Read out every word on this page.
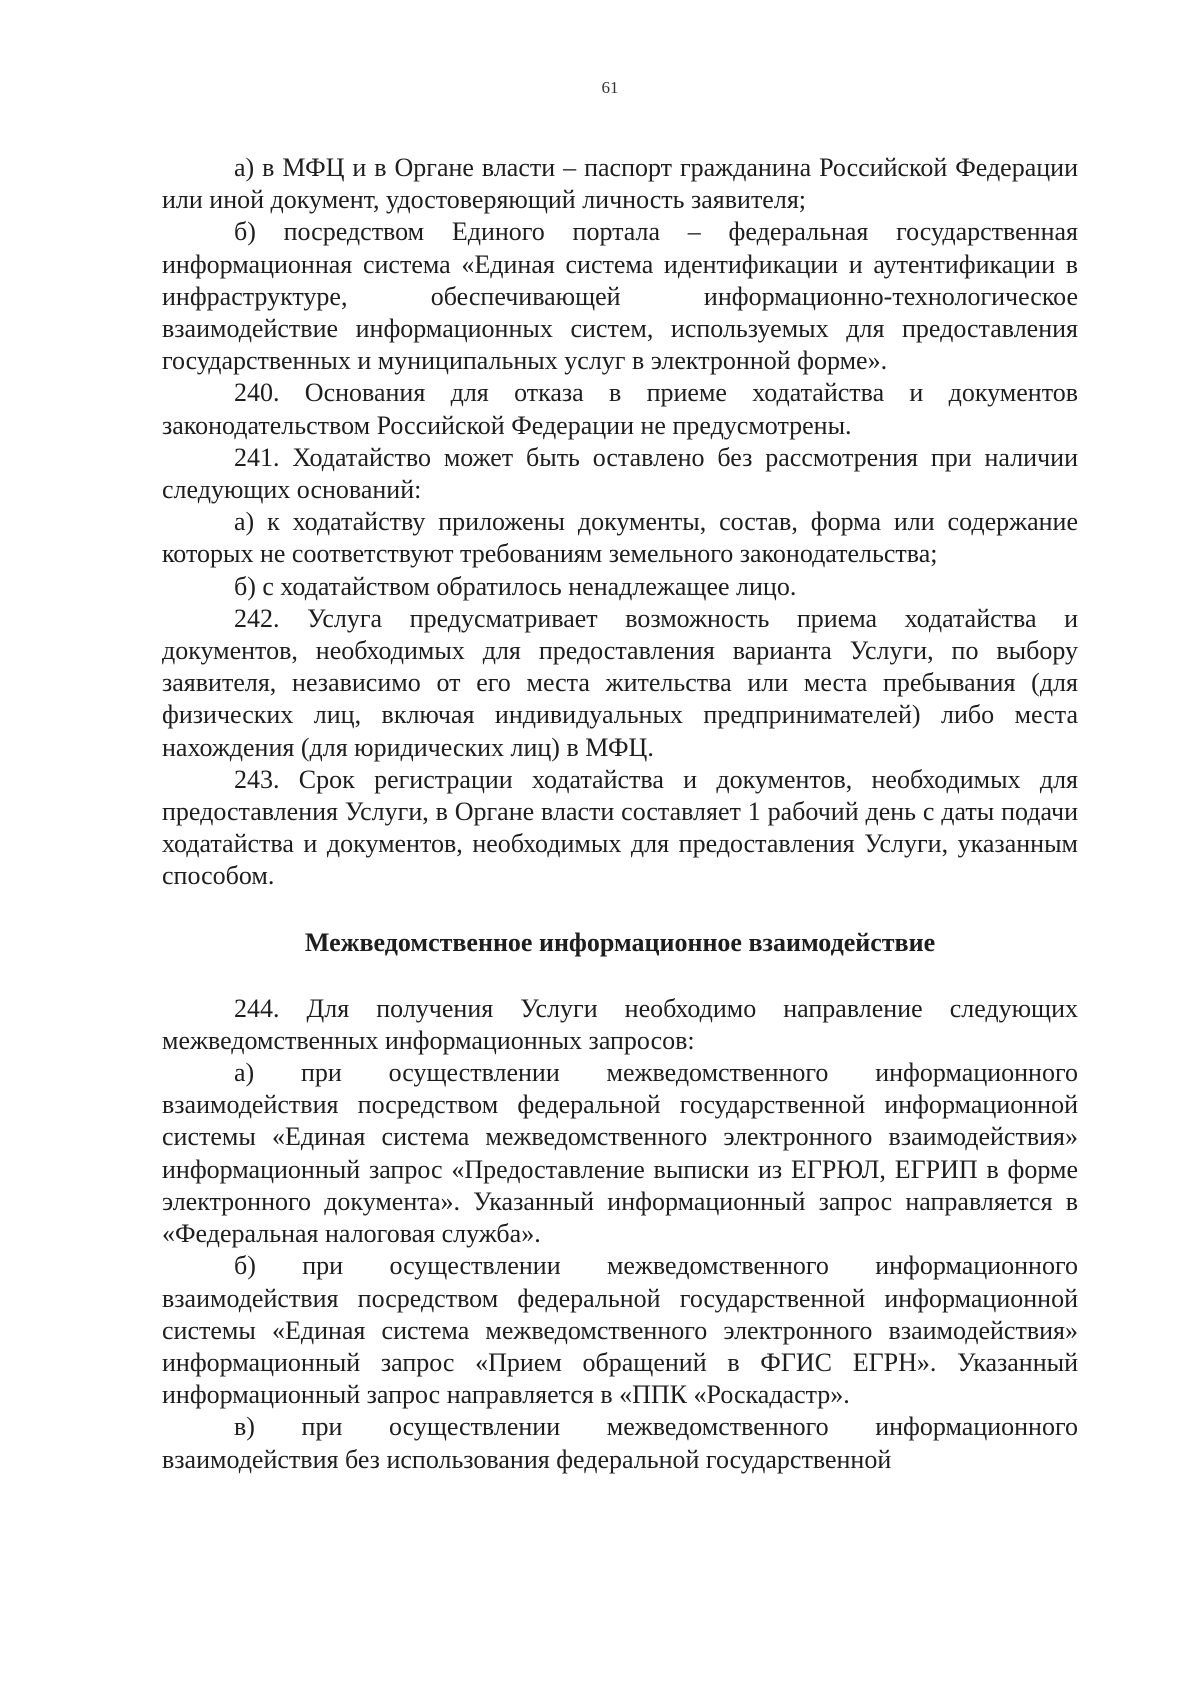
61

а) в МФЦ и в Органе власти – паспорт гражданина Российской Федерации или иной документ, удостоверяющий личность заявителя;

б) посредством Единого портала – федеральная государственная информационная система «Единая система идентификации и аутентификации в инфраструктуре, обеспечивающей информационно-технологическое взаимодействие информационных систем, используемых для предоставления государственных и муниципальных услуг в электронной форме».

240. Основания для отказа в приеме ходатайства и документов законодательством Российской Федерации не предусмотрены.

241. Ходатайство может быть оставлено без рассмотрения при наличии следующих оснований:

а) к ходатайству приложены документы, состав, форма или содержание которых не соответствуют требованиям земельного законодательства;

б) с ходатайством обратилось ненадлежащее лицо.

242. Услуга предусматривает возможность приема ходатайства и документов, необходимых для предоставления варианта Услуги, по выбору заявителя, независимо от его места жительства или места пребывания (для физических лиц, включая индивидуальных предпринимателей) либо места нахождения (для юридических лиц) в МФЦ.

243. Срок регистрации ходатайства и документов, необходимых для предоставления Услуги, в Органе власти составляет 1 рабочий день с даты подачи ходатайства и документов, необходимых для предоставления Услуги, указанным способом.

Межведомственное информационное взаимодействие

244. Для получения Услуги необходимо направление следующих межведомственных информационных запросов:

а) при осуществлении межведомственного информационного взаимодействия посредством федеральной государственной информационной системы «Единая система межведомственного электронного взаимодействия» информационный запрос «Предоставление выписки из ЕГРЮЛ, ЕГРИП в форме электронного документа». Указанный информационный запрос направляется в «Федеральная налоговая служба».

б) при осуществлении межведомственного информационного взаимодействия посредством федеральной государственной информационной системы «Единая система межведомственного электронного взаимодействия» информационный запрос «Прием обращений в ФГИС ЕГРН». Указанный информационный запрос направляется в «ППК «Роскадастр».

в) при осуществлении межведомственного информационного взаимодействия без использования федеральной государственной
